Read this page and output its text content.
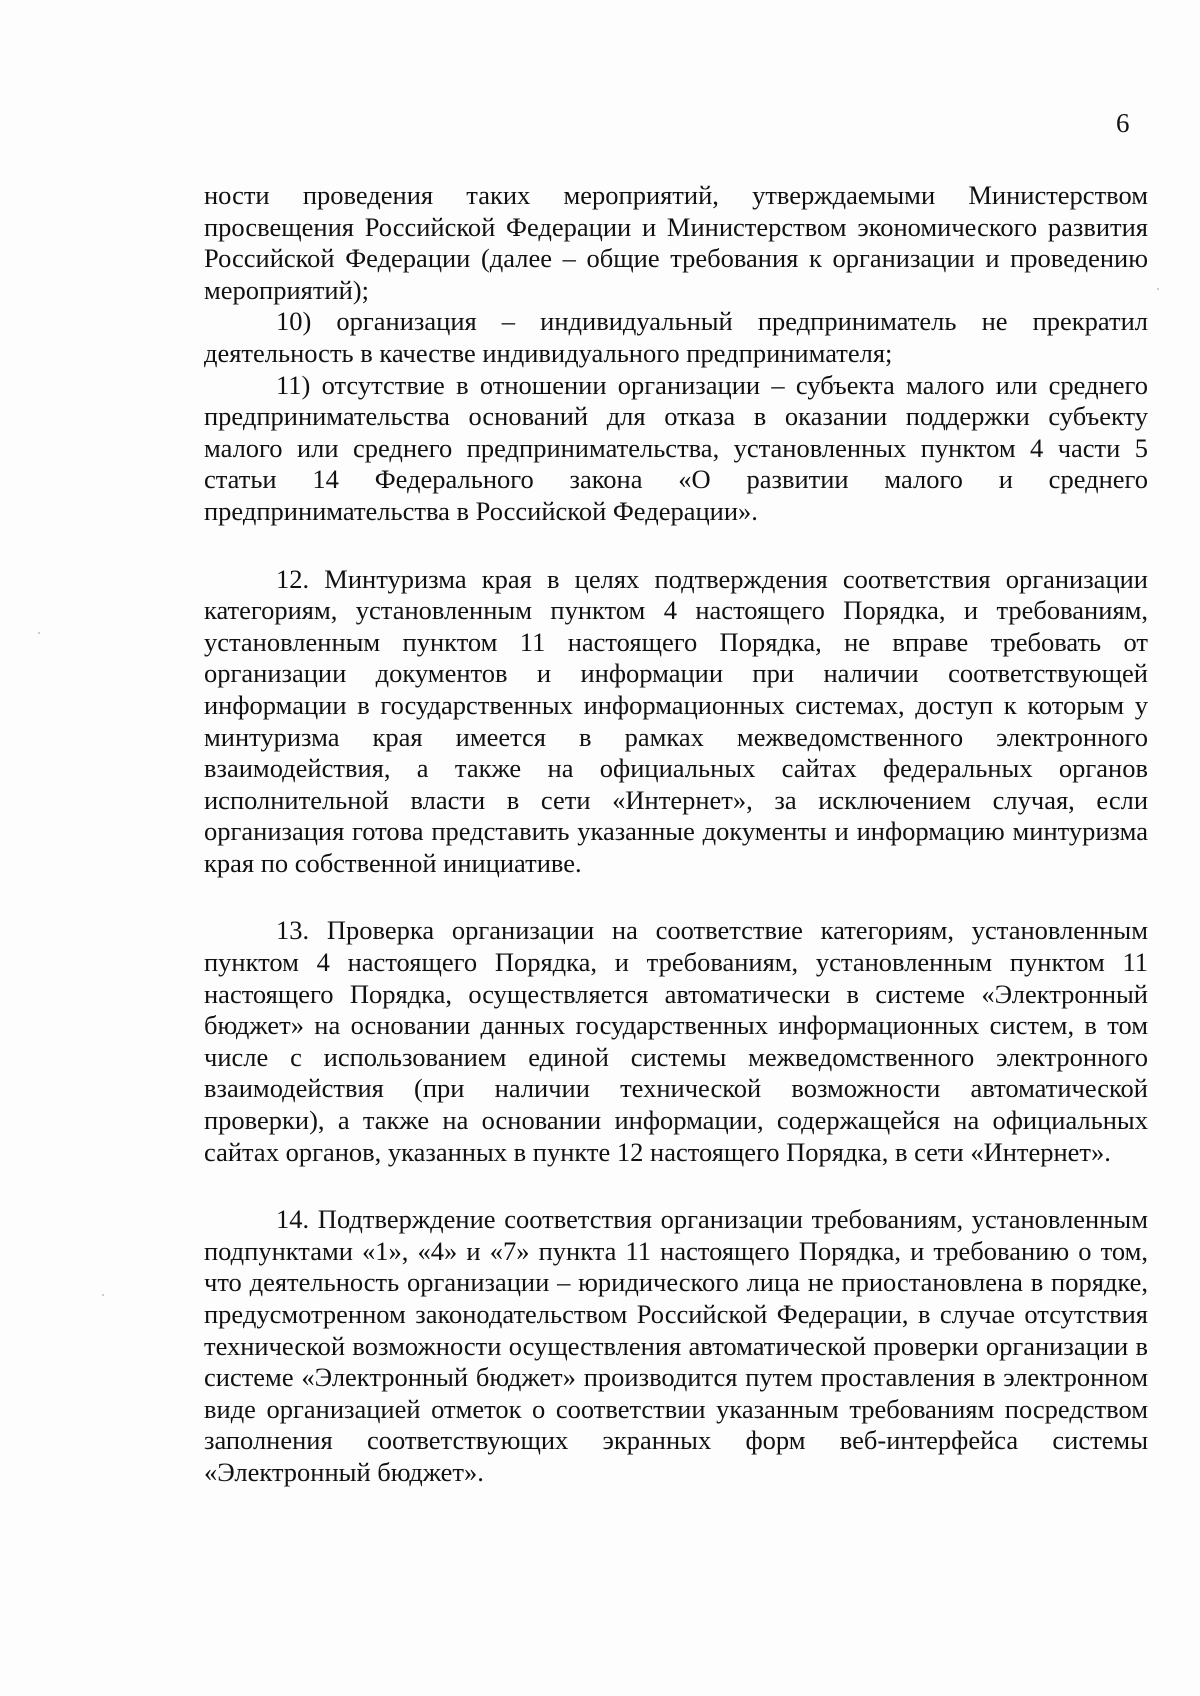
6

ности проведения таких мероприятий, утверждаемыми Министерством просвещения Российской Федерации и Министерством экономического развития Российской Федерации (далее – общие требования к организации и проведению мероприятий);

10) организация – индивидуальный предприниматель не прекратил деятельность в качестве индивидуального предпринимателя;

11) отсутствие в отношении организации – субъекта малого или среднего предпринимательства оснований для отказа в оказании поддержки субъекту малого или среднего предпринимательства, установленных пунктом 4 части 5 статьи 14 Федерального закона «О развитии малого и среднего предпринимательства в Российской Федерации».

12. Минтуризма края в целях подтверждения соответствия организации категориям, установленным пунктом 4 настоящего Порядка, и требованиям, установленным пунктом 11 настоящего Порядка, не вправе требовать от организации документов и информации при наличии соответствующей информации в государственных информационных системах, доступ к которым у минтуризма края имеется в рамках межведомственного электронного взаимодействия, а также на официальных сайтах федеральных органов исполнительной власти в сети «Интернет», за исключением случая, если организация готова представить указанные документы и информацию минтуризма края по собственной инициативе.

13. Проверка организации на соответствие категориям, установленным пунктом 4 настоящего Порядка, и требованиям, установленным пунктом 11 настоящего Порядка, осуществляется автоматически в системе «Электронный бюджет» на основании данных государственных информационных систем, в том числе с использованием единой системы межведомственного электронного взаимодействия (при наличии технической возможности автоматической проверки), а также на основании информации, содержащейся на официальных сайтах органов, указанных в пункте 12 настоящего Порядка, в сети «Интернет».

14. Подтверждение соответствия организации требованиям, установленным подпунктами «1», «4» и «7» пункта 11 настоящего Порядка, и требованию о том, что деятельность организации – юридического лица не приостановлена в порядке, предусмотренном законодательством Российской Федерации, в случае отсутствия технической возможности осуществления автоматической проверки организации в системе «Электронный бюджет» производится путем проставления в электронном виде организацией отметок о соответствии указанным требованиям посредством заполнения соответствующих экранных форм веб-интерфейса системы «Электронный бюджет».
